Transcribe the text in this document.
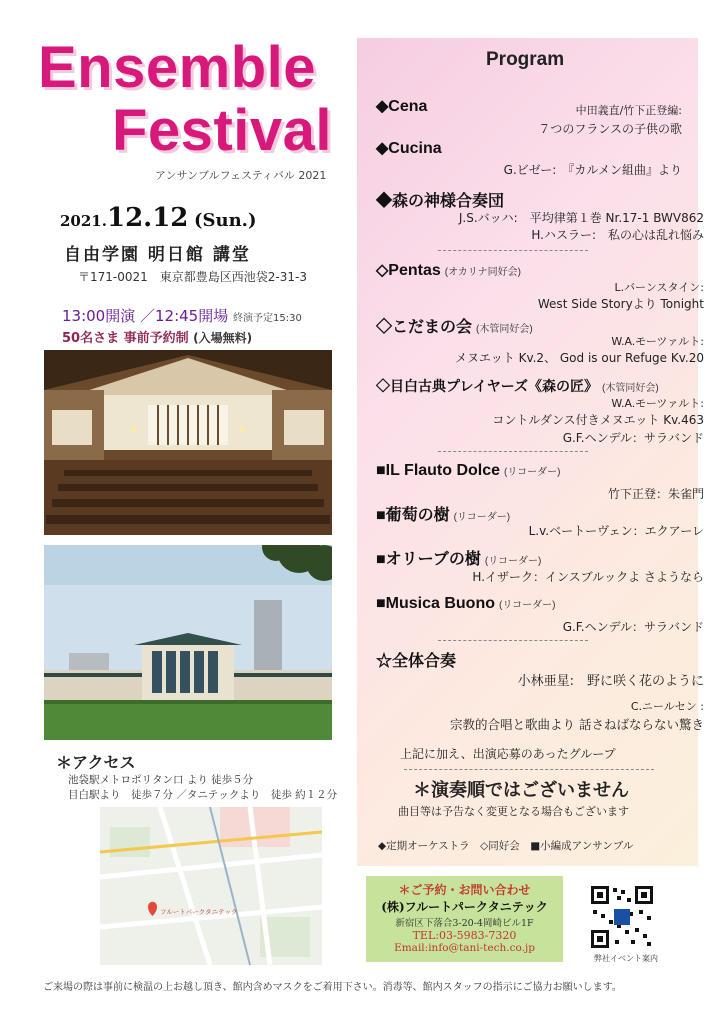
Ensemble
Festival
アンサンブルフェスティバル 2021
2021.12.12 (Sun.)
自由学園 明日館 講堂
〒171-0021　東京都豊島区西池袋2-31-3
13:00開演 ／12:45開場 終演予定15:30
50名さま 事前予約制 (入場無料)
＊アクセス
池袋駅メトロポリタン口 より 徒歩５分
目白駅より　徒歩７分 ／タニテックより　徒歩 約１２分
フルートパークタニテック
Program
◆Cena	中田義直/竹下正登編:
７つのフランスの子供の歌
◆Cucina
G.ビゼー:　『カルメン組曲』より
◆森の神様合奏団
J.S.バッハ:　平均律第１巻 Nr.17-1 BWV862
H.ハスラー:　私の心は乱れ悩み
◇Pentas (オカリナ同好会)
L.バーンスタイン:
West Side Storyより Tonight
◇こだまの会 (木管同好会)
W.A.モーツァルト:
メヌエット Kv.2、 God is our Refuge Kv.20
◇目白古典プレイヤーズ《森の匠》 (木管同好会)
W.A.モーツァルト:
コントルダンス付きメヌエット Kv.463
G.F.ヘンデル：サラバンド
■IL Flauto Dolce (リコーダー)
竹下正登：朱雀門
■葡萄の樹 (リコーダー)
L.v.ベートーヴェン：エクアーレ
■オリーブの樹 (リコーダー)
H.イザーク：インスブルックよ さようなら
■Musica Buono (リコーダー)
G.F.ヘンデル：サラバンド
☆全体合奏
小林亜星:　野に咲く花のように
C.ニールセン :
宗教的合唱と歌曲より 話さねばならない驚き
上記に加え、出演応募のあったグループ
＊演奏順ではございません
曲目等は予告なく変更となる場合もございます
◆定期オーケストラ　◇同好会　■小編成アンサンブル
＊ご予約・お問い合わせ
(株)フルートパークタニテック
新宿区下落合3-20-4岡崎ビル1F
TEL:03-5983-7320
Email:info@tani-tech.co.jp
弊社イベント案内
ご来場の際は事前に検温の上お越し頂き、館内含めマスクをご着用下さい。消毒等、館内スタッフの指示にご協力お願いします。
